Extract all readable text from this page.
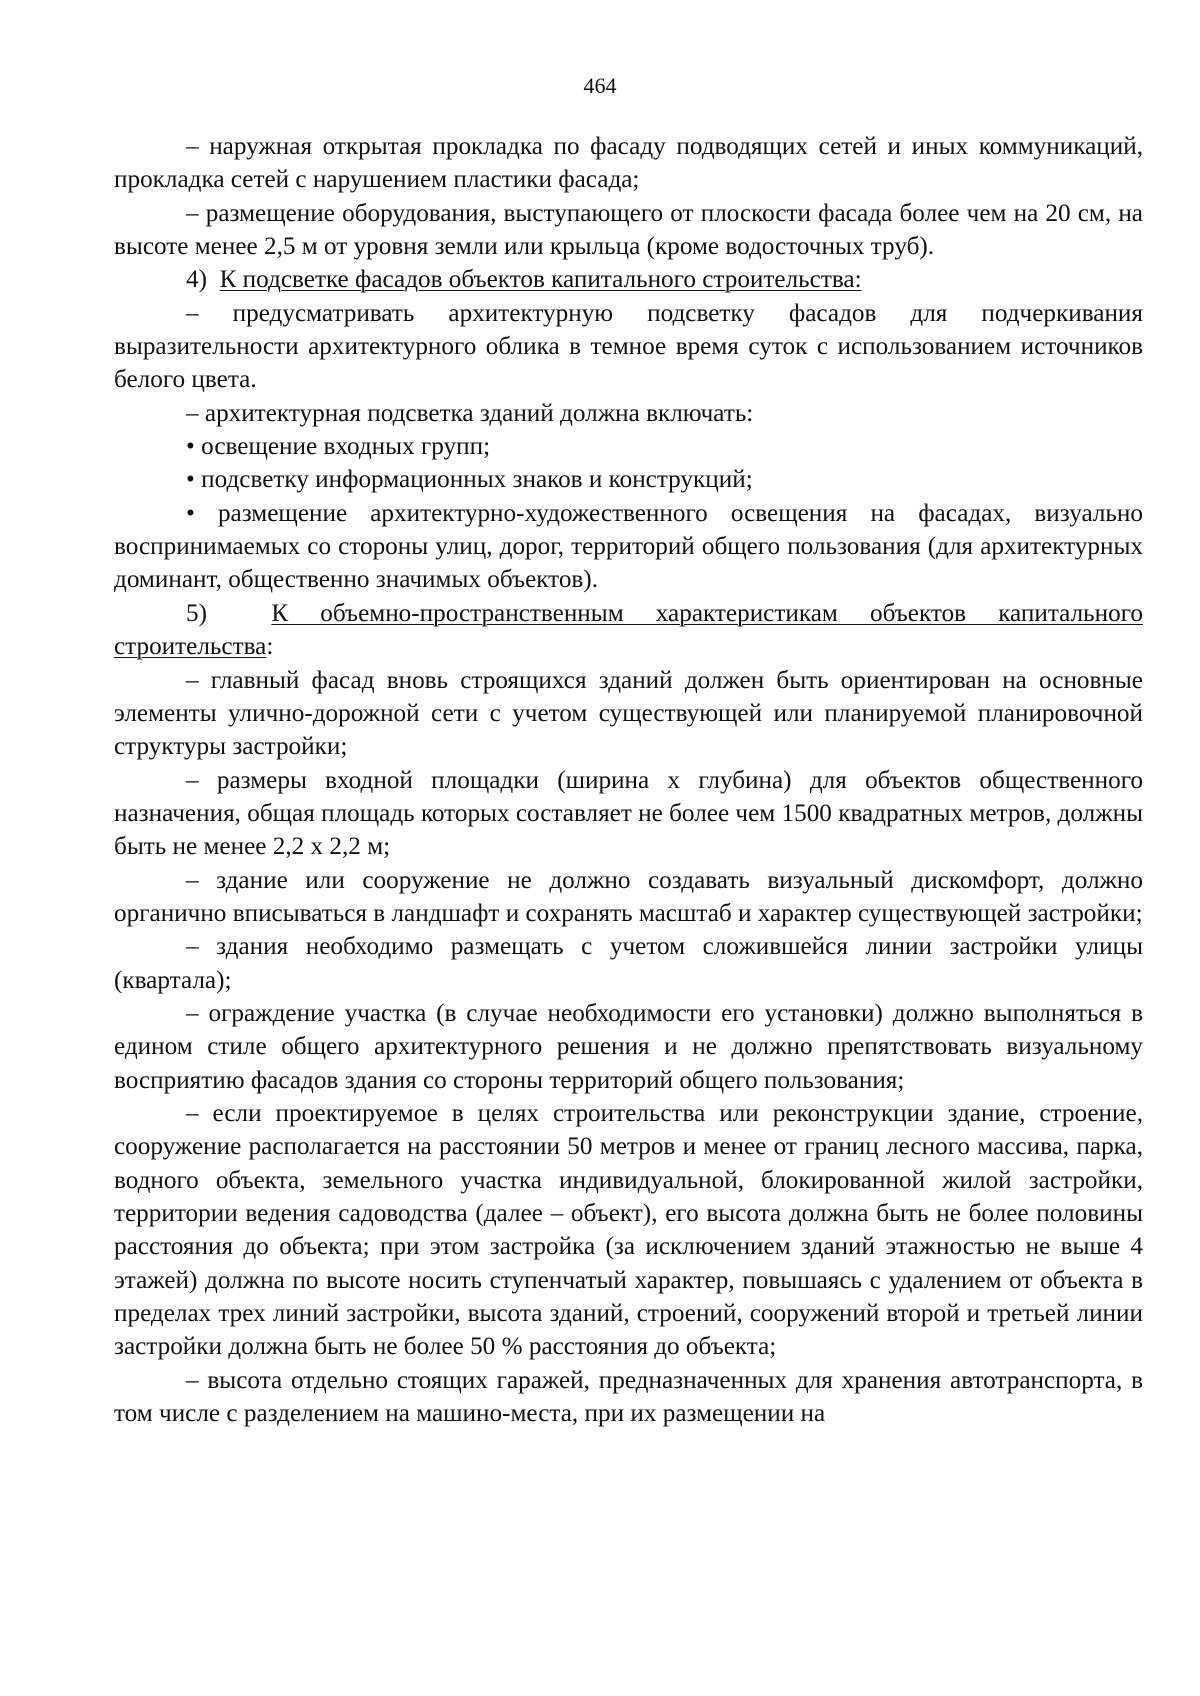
464

– наружная открытая прокладка по фасаду подводящих сетей и иных коммуникаций, прокладка сетей с нарушением пластики фасада;

– размещение оборудования, выступающего от плоскости фасада более чем на 20 см, на высоте менее 2,5 м от уровня земли или крыльца (кроме водосточных труб).

4) К подсветке фасадов объектов капитального строительства:

– предусматривать архитектурную подсветку фасадов для подчеркивания выразительности архитектурного облика в темное время суток с использованием источников белого цвета.

– архитектурная подсветка зданий должна включать:

• освещение входных групп;

• подсветку информационных знаков и конструкций;

• размещение архитектурно-художественного освещения на фасадах, визуально воспринимаемых со стороны улиц, дорог, территорий общего пользования (для архитектурных доминант, общественно значимых объектов).

5)	К объемно-пространственным характеристикам объектов капитального строительства:

– главный фасад вновь строящихся зданий должен быть ориентирован на основные элементы улично-дорожной сети с учетом существующей или планируемой планировочной структуры застройки;

– размеры входной площадки (ширина х глубина) для объектов общественного назначения, общая площадь которых составляет не более чем 1500 квадратных метров, должны быть не менее 2,2 х 2,2 м;

– здание или сооружение не должно создавать визуальный дискомфорт, должно органично вписываться в ландшафт и сохранять масштаб и характер существующей застройки;

– здания необходимо размещать с учетом сложившейся линии застройки улицы (квартала);

– ограждение участка (в случае необходимости его установки) должно выполняться в едином стиле общего архитектурного решения и не должно препятствовать визуальному восприятию фасадов здания со стороны территорий общего пользования;

– если проектируемое в целях строительства или реконструкции здание, строение, сооружение располагается на расстоянии 50 метров и менее от границ лесного массива, парка, водного объекта, земельного участка индивидуальной, блокированной жилой застройки, территории ведения садоводства (далее – объект), его высота должна быть не более половины расстояния до объекта; при этом застройка (за исключением зданий этажностью не выше 4 этажей) должна по высоте носить ступенчатый характер, повышаясь с удалением от объекта в пределах трех линий застройки, высота зданий, строений, сооружений второй и третьей линии застройки должна быть не более 50 % расстояния до объекта;

– высота отдельно стоящих гаражей, предназначенных для хранения автотранспорта, в том числе с разделением на машино-места, при их размещении на
